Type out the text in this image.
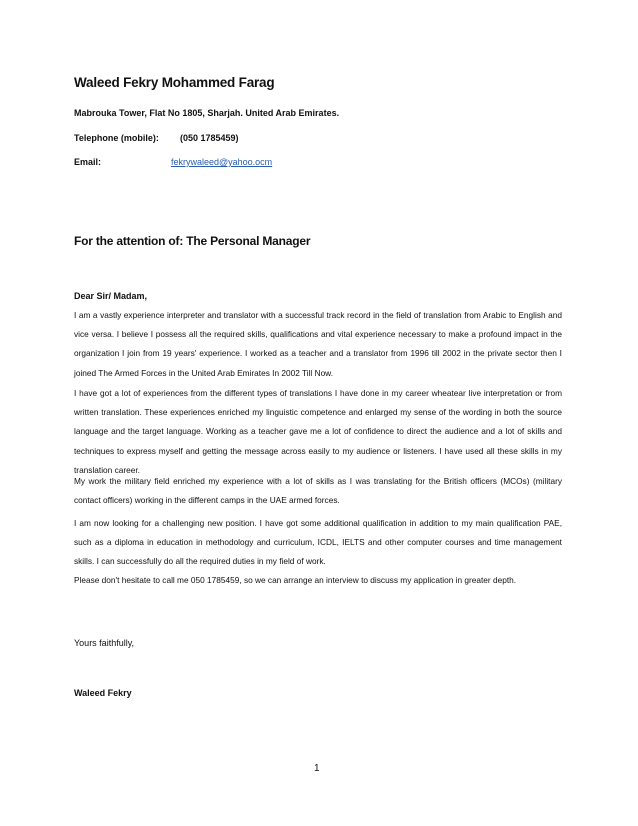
Waleed Fekry Mohammed Farag
Mabrouka Tower, Flat No 1805, Sharjah. United Arab Emirates.
Telephone (mobile): (050 1785459)
Email:	fekrywaleed@yahoo.ocm
For the attention of: The Personal Manager
Dear Sir/ Madam,
I am a vastly experience interpreter and translator with a successful track record in the field of translation from Arabic to English and vice versa. I believe I possess all the required skills, qualifications and vital experience necessary to make a profound impact in the organization I join from 19 years' experience. I worked as a teacher and a translator from 1996 till 2002 in the private sector then I joined The Armed Forces in the United Arab Emirates In 2002 Till Now.
I have got a lot of experiences from the different types of translations I have done in my career wheatear live interpretation or from written translation. These experiences enriched my linguistic competence and enlarged my sense of the wording in both the source language and the target language. Working as a teacher gave me a lot of confidence to direct the audience and a lot of skills and techniques to express myself and getting the message across easily to my audience or listeners. I have used all these skills in my translation career.
My work the military field enriched my experience with a lot of skills as I was translating for the British officers (MCOs) (military contact officers) working in the different camps in the UAE armed forces.
I am now looking for a challenging new position. I have got some additional qualification in addition to my main qualification PAE, such as a diploma in education in methodology and curriculum, ICDL, IELTS and other computer courses and time management skills. I can successfully do all the required duties in my field of work.
Please don't hesitate to call me 050 1785459, so we can arrange an interview to discuss my application in greater depth.
Yours faithfully,
Waleed Fekry
1
